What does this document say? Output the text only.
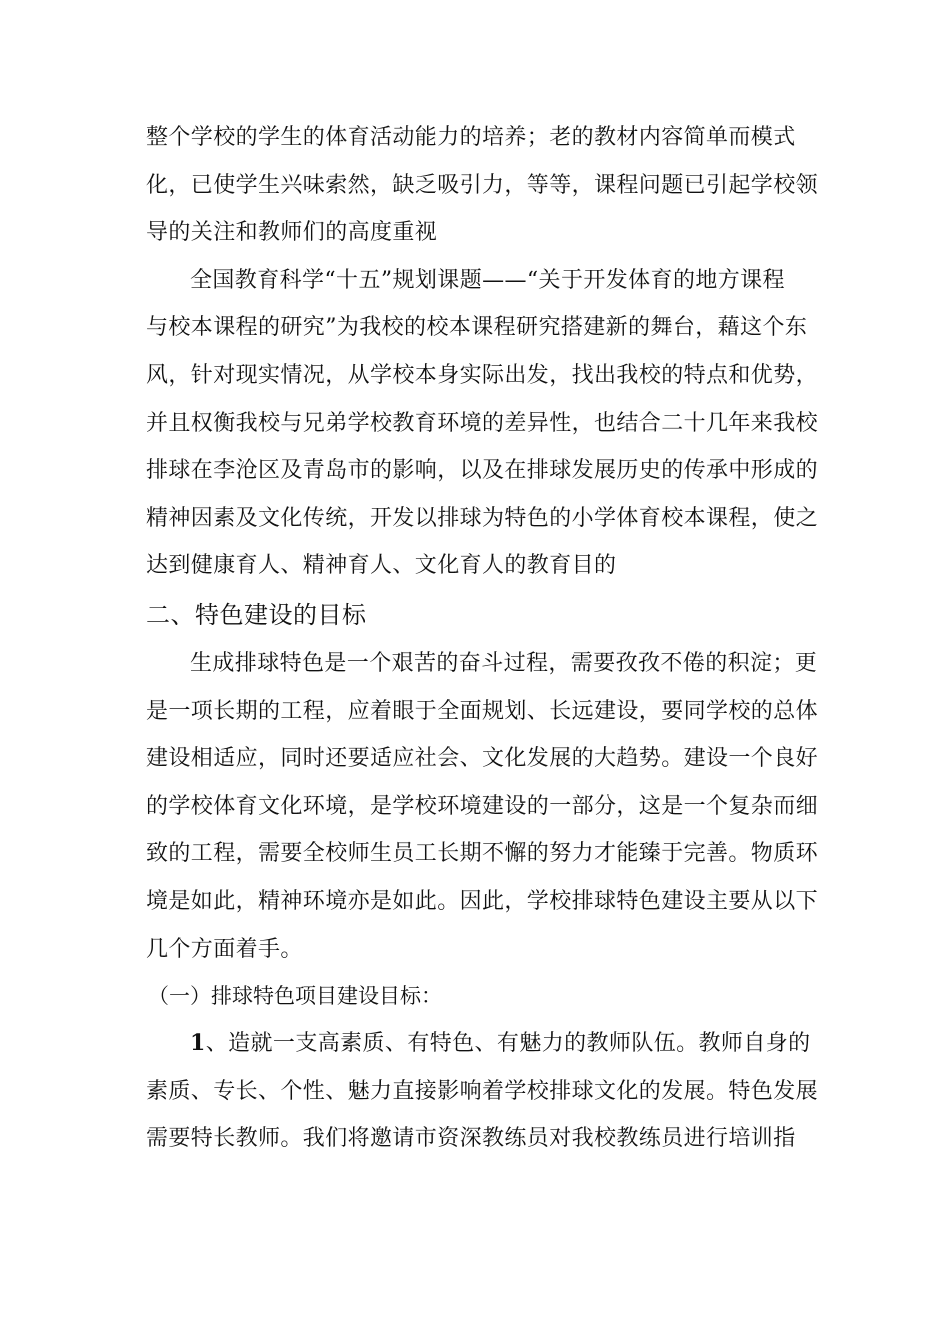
整个学校的学生的体育活动能力的培养；老的教材内容简单而模式
化，已使学生兴味索然，缺乏吸引力，等等，课程问题已引起学校领
导的关注和教师们的高度重视
全国教育科学“十五”规划课题——“关于开发体育的地方课程
与校本课程的研究”为我校的校本课程研究搭建新的舞台，藉这个东
风，针对现实情况，从学校本身实际出发，找出我校的特点和优势，
并且权衡我校与兄弟学校教育环境的差异性，也结合二十几年来我校
排球在李沧区及青岛市的影响，以及在排球发展历史的传承中形成的
精神因素及文化传统，开发以排球为特色的小学体育校本课程，使之
达到健康育人、精神育人、文化育人的教育目的
二、特色建设的目标
生成排球特色是一个艰苦的奋斗过程，需要孜孜不倦的积淀；更
是一项长期的工程，应着眼于全面规划、长远建设，要同学校的总体
建设相适应，同时还要适应社会、文化发展的大趋势。建设一个良好
的学校体育文化环境，是学校环境建设的一部分，这是一个复杂而细
致的工程，需要全校师生员工长期不懈的努力才能臻于完善。物质环
境是如此，精神环境亦是如此。因此，学校排球特色建设主要从以下
几个方面着手。
（一）排球特色项目建设目标：
1、造就一支高素质、有特色、有魅力的教师队伍。教师自身的
素质、专长、个性、魅力直接影响着学校排球文化的发展。特色发展
需要特长教师。我们将邀请市资深教练员对我校教练员进行培训指
